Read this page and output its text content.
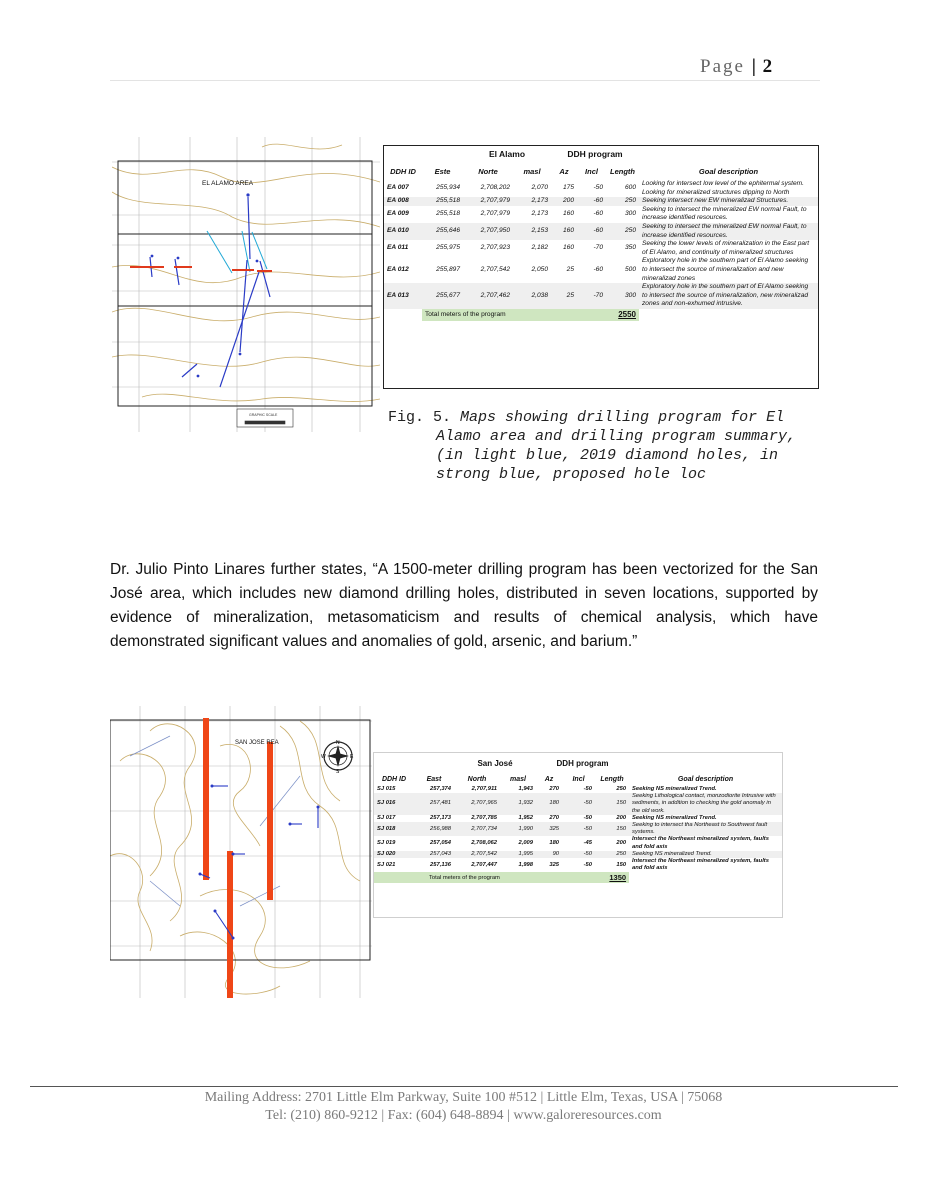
Page | 2
EL ALAMO AREA
GRAPHIC SCALE
		El Alamo		DDH program			
DDH ID	Este	Norte	masl	Az	Incl	Length	Goal description
EA 007	255,934	2,708,202	2,070	175	-50	600	Looking for intersect low level of the ephitermal system. Looking for mineralized structures dipping to North
EA 008	255,518	2,707,979	2,173	200	-60	250	Seeking intersect new EW mineralizad Structures.
EA 009	255,518	2,707,979	2,173	160	-60	300	Seeking to intersect the mineralized EW normal Fault, to increase identified resources.
EA 010	255,646	2,707,950	2,153	160	-60	250	Seeking to intersect the mineralized EW normal Fault, to increase identified resources.
EA 011	255,975	2,707,923	2,182	160	-70	350	Seeking the lower levels of mineralization in the East part of El Alamo, and continuity of mineralized structures
EA 012	255,897	2,707,542	2,050	25	-60	500	Exploratory hole in the southern part of El Alamo seeking to intersect the source of mineralization and new mineralizad zones
EA 013	255,677	2,707,462	2,038	25	-70	300	Exploratory hole in the southern part of El Alamo seeking to intersect the source of mineralization, new mineralizad zones and non-exhumed intrusive.
	Total meters of the program					2550	

Fig. 5. Maps showing drilling program for El Alamo area and drilling program summary, (in light blue, 2019 diamond holes, in strong blue, proposed hole loc

Dr. Julio Pinto Linares further states, “A 1500-meter drilling program has been vectorized for the San José area, which includes new diamond drilling holes, distributed in seven locations, supported by evidence of mineralization, metasomaticism and results of chemical analysis, which have demonstrated significant values and anomalies of gold, arsenic, and barium.”
SAN JOSE REA	N
S
E
W
		San José		DDH program			
DDH ID	East	North	masl	Az	Incl	Length	Goal description
SJ 015	257,374	2,707,911	1,943	270	-50	250	Seeking NS mineralized Trend.
SJ 016	257,481	2,707,965	1,932	180	-50	150	Seeking Lithological contact, monzodiorite Intrusive with sediments, in addition to checking the gold anomaly in the old work.
SJ 017	257,173	2,707,785	1,952	270	-50	200	Seeking NS mineralized Trend.
SJ 018	256,988	2,707,734	1,990	325	-50	150	Seeking to intersect tha Northeast to Southwest fault systems.
SJ 019	257,054	2,708,062	2,009	180	-45	200	Intersect the Northeast mineralized system, faults and fold axis
SJ 020	257,043	2,707,542	1,995	90	-50	250	Seeking NS mineralized Trend.
SJ 021	257,136	2,707,447	1,998	325	-50	150	Intersect the Northeast mineralized system, faults and fold axis
Total meters of the program						1350	
Mailing Address: 2701 Little Elm Parkway, Suite 100 #512 | Little Elm, Texas, USA | 75068
Tel: (210) 860-9212 | Fax: (604) 648-8894 | www.galoreresources.com
